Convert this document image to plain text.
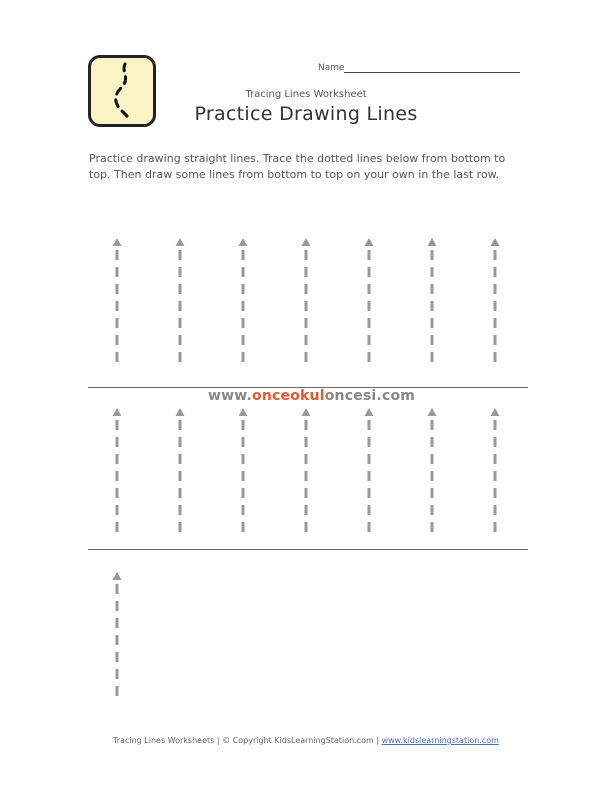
Name
Tracing Lines Worksheet
Practice Drawing Lines
Practice drawing straight lines. Trace the dotted lines below from bottom to top. Then draw some lines from bottom to top on your own in the last row.
www.onceokuloncesi.com
Tracing Lines Worksheets | © Copyright KidsLearningStation.com | www.kidslearningstation.com
